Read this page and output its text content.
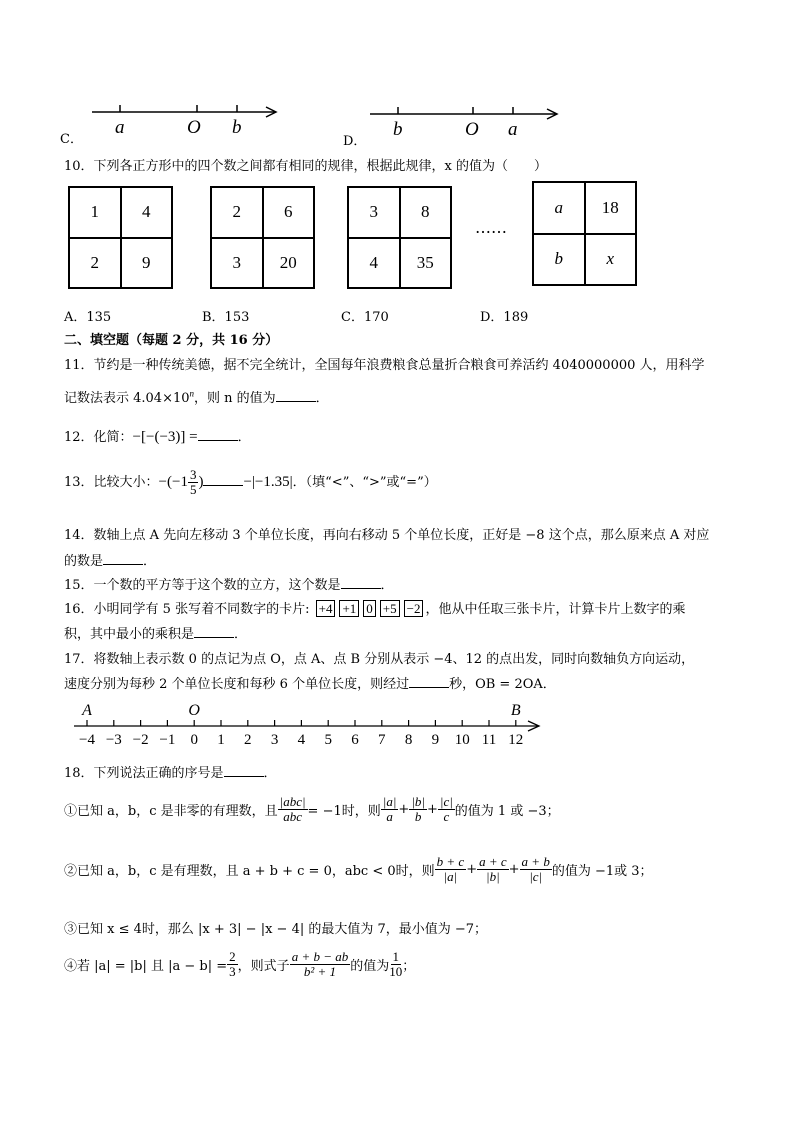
C．
a	O b
D．
b	O a
10．下列各正方形中的四个数之间都有相同的规律，根据此规律，x 的值为（　　）
1	4
2	9
2	6
3	20
3	8
4	35
……
a	18
b	x
A．135	B．153	C．170	D．189
二、填空题（每题 2 分，共 16 分）
11．节约是一种传统美德，据不完全统计，全国每年浪费粮食总量折合粮食可养活约 4040000000 人，用科学
记数法表示 $4.04\times 10^n$，则 n 的值为	．
12．化简：−[−(−3)] =	．
13．比较大小：$-(-1 \frac{3}{5}$ )	−|−1.35|．（填“<”、“>”或“=”）
14．数轴上点 A 先向左移动 3 个单位长度，再向右移动 5 个单位长度，正好是 −8 这个点，那么原来点 A 对应
的数是	．
15．一个数的平方等于这个数的立方，这个数是	．
16．小明同学有 5 张写着不同数字的卡片: +4 +1 0 +5 −2 ，他从中任取三张卡片，计算卡片上数字的乘
积，其中最小的乘积是	．
17．将数轴上表示数 0 的点记为点 O，点 A、点 B 分别从表示 −4、12 的点出发，同时向数轴负方向运动，
速度分别为每秒 2 个单位长度和每秒 6 个单位长度，则经过	秒，OB = 2OA．
−4 −3 −2 −1 0 1 2 3 4 5 6 7 8 9 10 11 12
A	O	B
18．下列说法正确的序号是	．
①已知 a，b，c 是非零的有理数，且 $\frac{\text{|abc|}}{\text{abc}} = -1$时，则 $\frac{|a|}{a} + \frac{|b|}{b} + \frac{|c|}{c}$ 的值为 1 或 −3；
②已知 a，b，c 是有理数，且 a + b + c = 0，abc < 0时，则 $\frac{b + c}{|a|} + \frac{a + c}{|b|} + \frac{a + b}{|c|}$ 的值为 −1或 3；
③已知 x ≤ 4时，那么 |x + 3| − |x − 4| 的最大值为 7，最小值为 −7；
④若 |a| = |b| 且 $|a - b| = \frac{2}{3}$ ，则式子 $\frac{a + b - ab}{\text{b² + 1}}$ 的值为 $\frac{1}{10}$ ；
